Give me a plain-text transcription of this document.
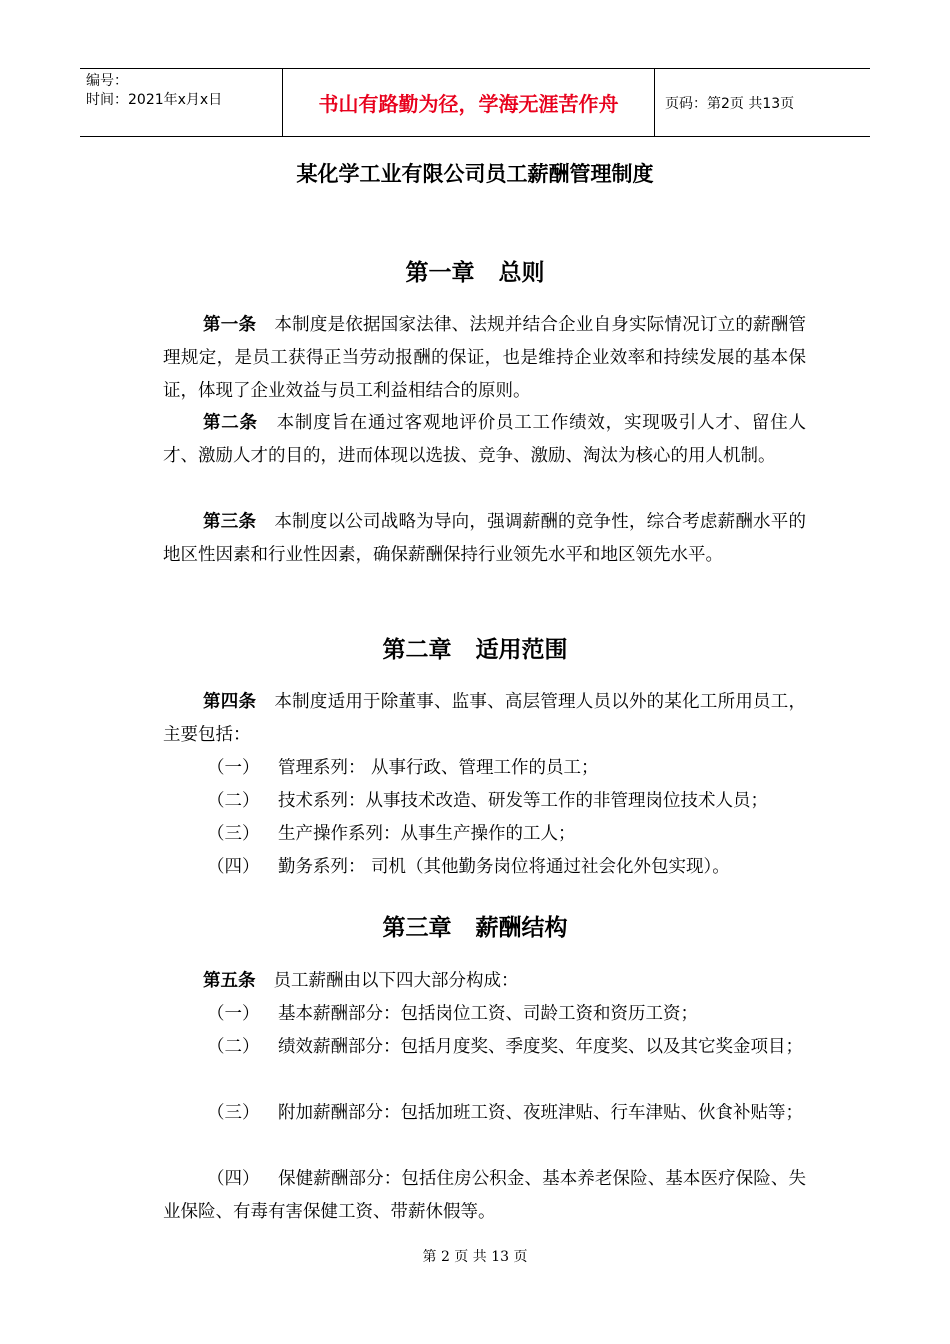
编号：
时间：2021年x月x日	书山有路勤为径，学海无涯苦作舟	页码：第2页 共13页
某化学工业有限公司员工薪酬管理制度
第一章 总则
第一条 本制度是依据国家法律、法规并结合企业自身实际情况订立的薪酬管理规定，是员工获得正当劳动报酬的保证，也是维持企业效率和持续发展的基本保证，体现了企业效益与员工利益相结合的原则。
第二条 本制度旨在通过客观地评价员工工作绩效，实现吸引人才、留住人才、激励人才的目的，进而体现以选拔、竞争、激励、淘汰为核心的用人机制。
第三条 本制度以公司战略为导向，强调薪酬的竞争性，综合考虑薪酬水平的地区性因素和行业性因素，确保薪酬保持行业领先水平和地区领先水平。
第二章 适用范围
第四条 本制度适用于除董事、监事、高层管理人员以外的某化工所用员工，主要包括：
（一） 管理系列： 从事行政、管理工作的员工；
（二） 技术系列：从事技术改造、研发等工作的非管理岗位技术人员；
（三） 生产操作系列：从事生产操作的工人；
（四） 勤务系列： 司机（其他勤务岗位将通过社会化外包实现）。
第三章 薪酬结构
第五条 员工薪酬由以下四大部分构成：
（一） 基本薪酬部分：包括岗位工资、司龄工资和资历工资；
（二） 绩效薪酬部分：包括月度奖、季度奖、年度奖、以及其它奖金项目；
（三） 附加薪酬部分：包括加班工资、夜班津贴、行车津贴、伙食补贴等；
（四） 保健薪酬部分：包括住房公积金、基本养老保险、基本医疗保险、失业保险、有毒有害保健工资、带薪休假等。
第 2 页 共 13 页
